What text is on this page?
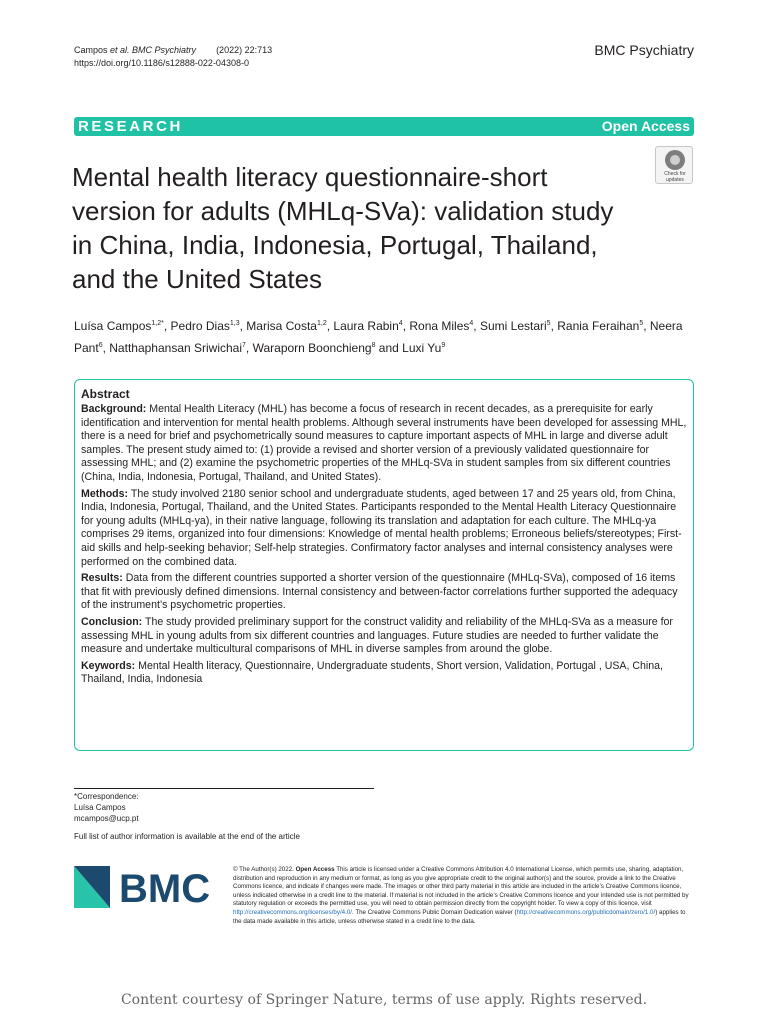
Campos et al. BMC Psychiatry (2022) 22:713
https://doi.org/10.1186/s12888-022-04308-0
BMC Psychiatry
RESEARCH	Open Access
Mental health literacy questionnaire-short version for adults (MHLq-SVa): validation study in China, India, Indonesia, Portugal, Thailand, and the United States
Check for updates
Luísa Campos$^{1,2*}$, Pedro Dias$^{1,3}$, Marisa Costa$^{1,2}$, Laura Rabin$^4$, Rona Miles$^4$, Sumi Lestari$^5$, Rania Feraihan$^5$, Neera Pant$^6$, Natthaphansan Sriwichai$^7$, Waraporn Boonchieng$^8$ and Luxi Yu$^9$
Abstract

Background: Mental Health Literacy (MHL) has become a focus of research in recent decades, as a prerequisite for early identification and intervention for mental health problems. Although several instruments have been developed for assessing MHL, there is a need for brief and psychometrically sound measures to capture important aspects of MHL in large and diverse adult samples. The present study aimed to: (1) provide a revised and shorter version of a previously validated questionnaire for assessing MHL; and (2) examine the psychometric properties of the MHLq-SVa in student samples from six different countries (China, India, Indonesia, Portugal, Thailand, and United States).

Methods: The study involved 2180 senior school and undergraduate students, aged between 17 and 25 years old, from China, India, Indonesia, Portugal, Thailand, and the United States. Participants responded to the Mental Health Literacy Questionnaire for young adults (MHLq-ya), in their native language, following its translation and adaptation for each culture. The MHLq-ya comprises 29 items, organized into four dimensions: Knowledge of mental health problems; Erroneous beliefs/stereotypes; First-aid skills and help-seeking behavior; Self-help strategies. Confirmatory factor analyses and internal consistency analyses were performed on the combined data.

Results: Data from the different countries supported a shorter version of the questionnaire (MHLq-SVa), composed of 16 items that fit with previously defined dimensions. Internal consistency and between-factor correlations further supported the adequacy of the instrument’s psychometric properties.

Conclusion: The study provided preliminary support for the construct validity and reliability of the MHLq-SVa as a measure for assessing MHL in young adults from six different countries and languages. Future studies are needed to further validate the measure and undertake multicultural comparisons of MHL in diverse samples from around the globe.

Keywords: Mental Health literacy, Questionnaire, Undergraduate students, Short version, Validation, Portugal , USA, China, Thailand, India, Indonesia

*Correspondence:
Luísa Campos
mcampos@ucp.pt
Full list of author information is available at the end of the article
BMC	© The Author(s) 2022. Open Access This article is licensed under a Creative Commons Attribution 4.0 International License, which permits use, sharing, adaptation, distribution and reproduction in any medium or format, as long as you give appropriate credit to the original author(s) and the source, provide a link to the Creative Commons licence, and indicate if changes were made. The images or other third party material in this article are included in the article’s Creative Commons licence, unless indicated otherwise in a credit line to the material. If material is not included in the article’s Creative Commons licence and your intended use is not permitted by statutory regulation or exceeds the permitted use, you will need to obtain permission directly from the copyright holder. To view a copy of this licence, visit http://creativecommons.org/licenses/by/4.0/. The Creative Commons Public Domain Dedication waiver (http://creativecommons.org/publicdomain/zero/1.0/) applies to the data made available in this article, unless otherwise stated in a credit line to the data.
Content courtesy of Springer Nature, terms of use apply. Rights reserved.
